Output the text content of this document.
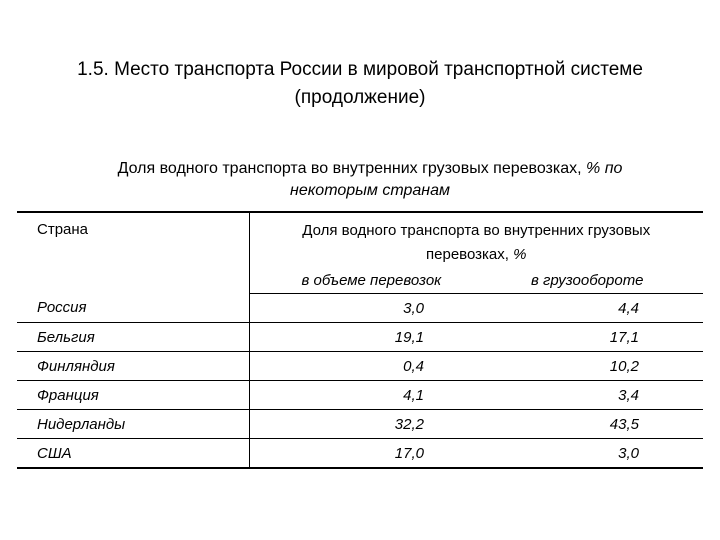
1.5. Место транспорта России в мировой транспортной системе
(продолжение)
Доля водного транспорта во внутренних грузовых перевозках, % по
некоторым странам
Страна	Доля водного транспорта во внутренних грузовых
перевозках, %	

	в объеме перевозок	в грузообороте
Россия	3,0	4,4
Бельгия	19,1	17,1
Финляндия	0,4	10,2
Франция	4,1	3,4
Нидерланды	32,2	43,5
США	17,0	3,0
